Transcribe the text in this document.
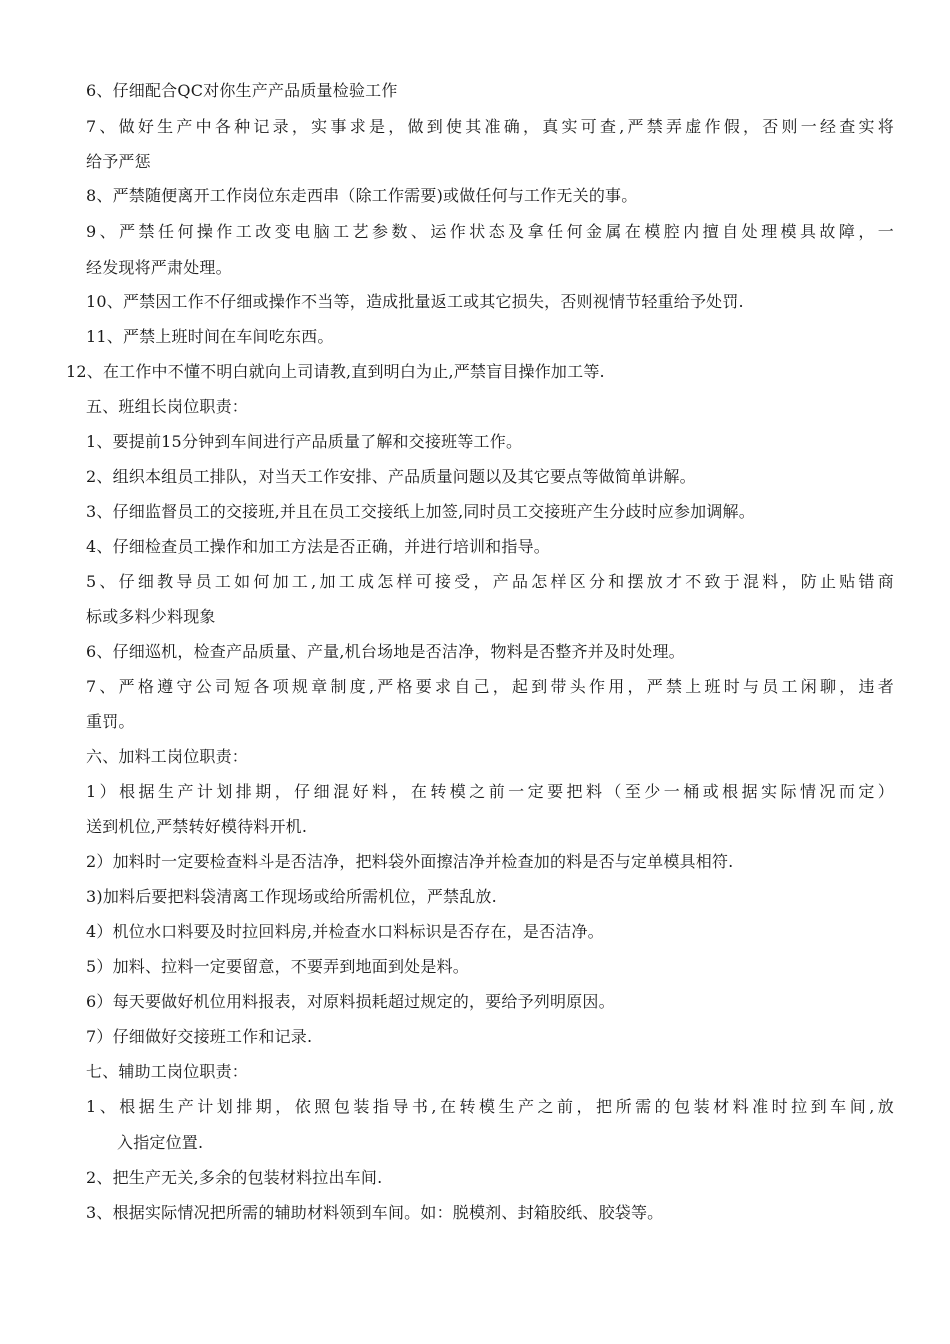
6、仔细配合QC对你生产产品质量检验工作
7、做好生产中各种记录，实事求是，做到使其准确，真实可查,严禁弄虚作假，否则一经查实将
给予严惩
8、严禁随便离开工作岗位东走西串（除工作需要)或做任何与工作无关的事。
9、严禁任何操作工改变电脑工艺参数、运作状态及拿任何金属在模腔内擅自处理模具故障，一
经发现将严肃处理。
10、严禁因工作不仔细或操作不当等，造成批量返工或其它损失，否则视情节轻重给予处罚.
11、严禁上班时间在车间吃东西。
12、在工作中不懂不明白就向上司请教,直到明白为止,严禁盲目操作加工等.
五、班组长岗位职责：
1、要提前15分钟到车间进行产品质量了解和交接班等工作。
2、组织本组员工排队，对当天工作安排、产品质量问题以及其它要点等做简单讲解。
3、仔细监督员工的交接班,并且在员工交接纸上加签,同时员工交接班产生分歧时应参加调解。
4、仔细检查员工操作和加工方法是否正确，并进行培训和指导。
5、仔细教导员工如何加工,加工成怎样可接受，产品怎样区分和摆放才不致于混料，防止贴错商
标或多料少料现象
6、仔细巡机，检查产品质量、产量,机台场地是否洁净，物料是否整齐并及时处理。
7、严格遵守公司短各项规章制度,严格要求自己，起到带头作用，严禁上班时与员工闲聊，违者
重罚。
六、加料工岗位职责：
1）根据生产计划排期，仔细混好料，在转模之前一定要把料（至少一桶或根据实际情况而定）
送到机位,严禁转好模待料开机.
2）加料时一定要检查料斗是否洁净，把料袋外面擦洁净并检查加的料是否与定单模具相符.
3)加料后要把料袋清离工作现场或给所需机位，严禁乱放.
4）机位水口料要及时拉回料房,并检查水口料标识是否存在，是否洁净。
5）加料、拉料一定要留意，不要弄到地面到处是料。
6）每天要做好机位用料报表，对原料损耗超过规定的，要给予列明原因。
7）仔细做好交接班工作和记录.
七、辅助工岗位职责：
1、根据生产计划排期，依照包装指导书,在转模生产之前，把所需的包装材料准时拉到车间,放
入指定位置.
2、把生产无关,多余的包装材料拉出车间.
3、根据实际情况把所需的辅助材料领到车间。如：脱模剂、封箱胶纸、胶袋等。
